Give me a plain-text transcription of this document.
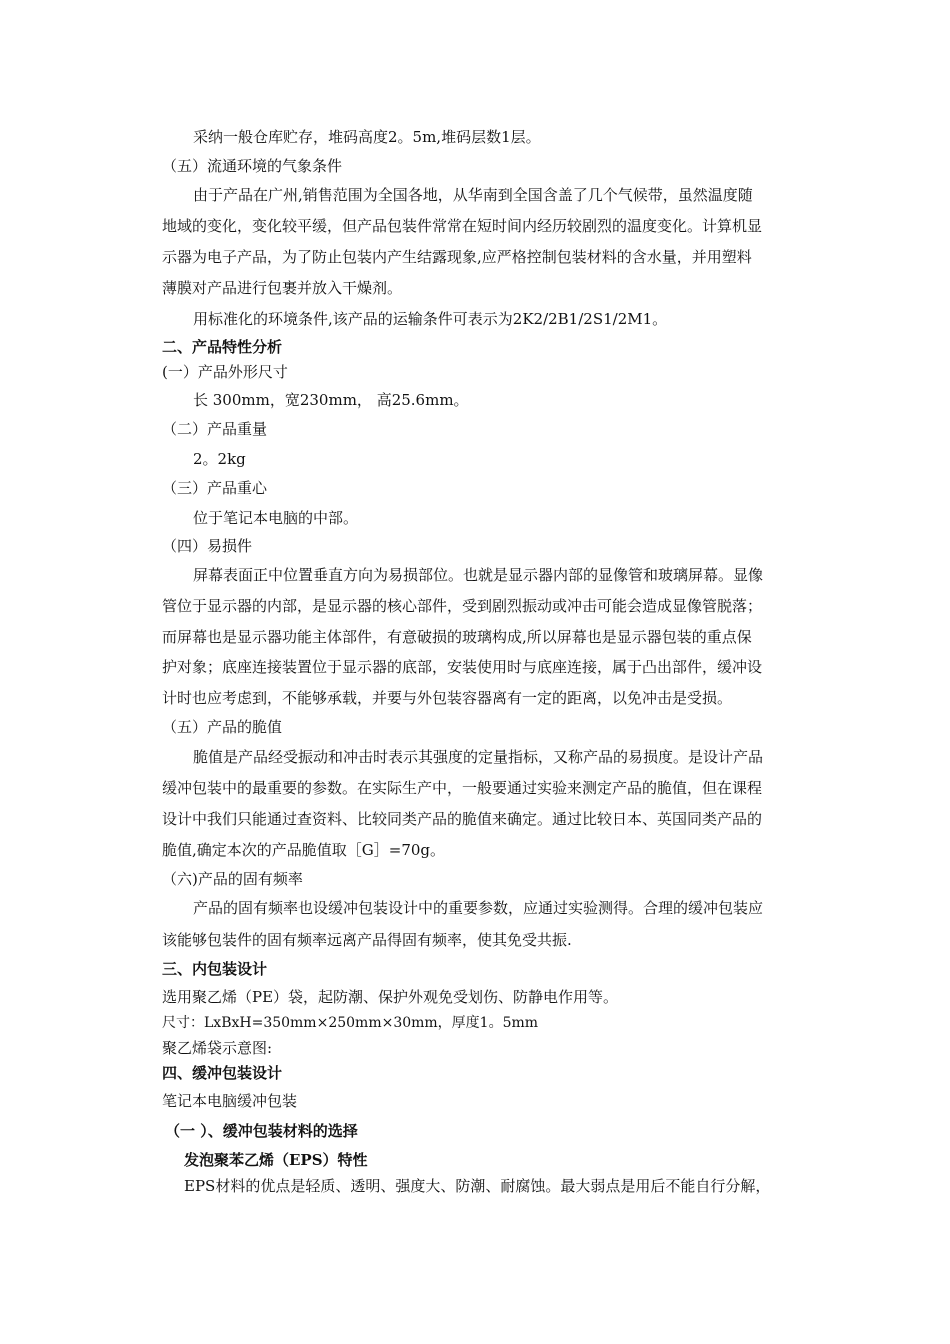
采纳一般仓库贮存，堆码高度2。5m,堆码层数1层。
（五）流通环境的气象条件
由于产品在广州,销售范围为全国各地，从华南到全国含盖了几个气候带，虽然温度随
地域的变化，变化较平缓，但产品包装件常常在短时间内经历较剧烈的温度变化。计算机显
示器为电子产品，为了防止包装内产生结露现象,应严格控制包装材料的含水量，并用塑料
薄膜对产品进行包裹并放入干燥剂。
用标准化的环境条件,该产品的运输条件可表示为2K2/2B1/2S1/2M1。
二、产品特性分析
(一）产品外形尺寸
长 300mm，宽230mm， 高25.6mm。
（二）产品重量
2。2kg
（三）产品重心
位于笔记本电脑的中部。
（四）易损件
屏幕表面正中位置垂直方向为易损部位。也就是显示器内部的显像管和玻璃屏幕。显像
管位于显示器的内部，是显示器的核心部件，受到剧烈振动或冲击可能会造成显像管脱落；
而屏幕也是显示器功能主体部件，有意破损的玻璃构成,所以屏幕也是显示器包装的重点保
护对象；底座连接装置位于显示器的底部，安装使用时与底座连接，属于凸出部件，缓冲设
计时也应考虑到，不能够承载，并要与外包装容器离有一定的距离，以免冲击是受损。
（五）产品的脆值
脆值是产品经受振动和冲击时表示其强度的定量指标，又称产品的易损度。是设计产品
缓冲包装中的最重要的参数。在实际生产中，一般要通过实验来测定产品的脆值，但在课程
设计中我们只能通过查资料、比较同类产品的脆值来确定。通过比较日本、英国同类产品的
脆值,确定本次的产品脆值取［G］=70g。
（六)产品的固有频率
产品的固有频率也设缓冲包装设计中的重要参数，应通过实验测得。合理的缓冲包装应
该能够包装件的固有频率远离产品得固有频率，使其免受共振.
三、内包装设计
选用聚乙烯（PE）袋，起防潮、保护外观免受划伤、防静电作用等。
尺寸：LxBxH=350mm×250mm×30mm，厚度1。5mm
聚乙烯袋示意图:
四、缓冲包装设计
笔记本电脑缓冲包装
（一 ）、缓冲包装材料的选择
发泡聚苯乙烯（EPS）特性
EPS材料的优点是轻质、透明、强度大、防潮、耐腐蚀。最大弱点是用后不能自行分解，
